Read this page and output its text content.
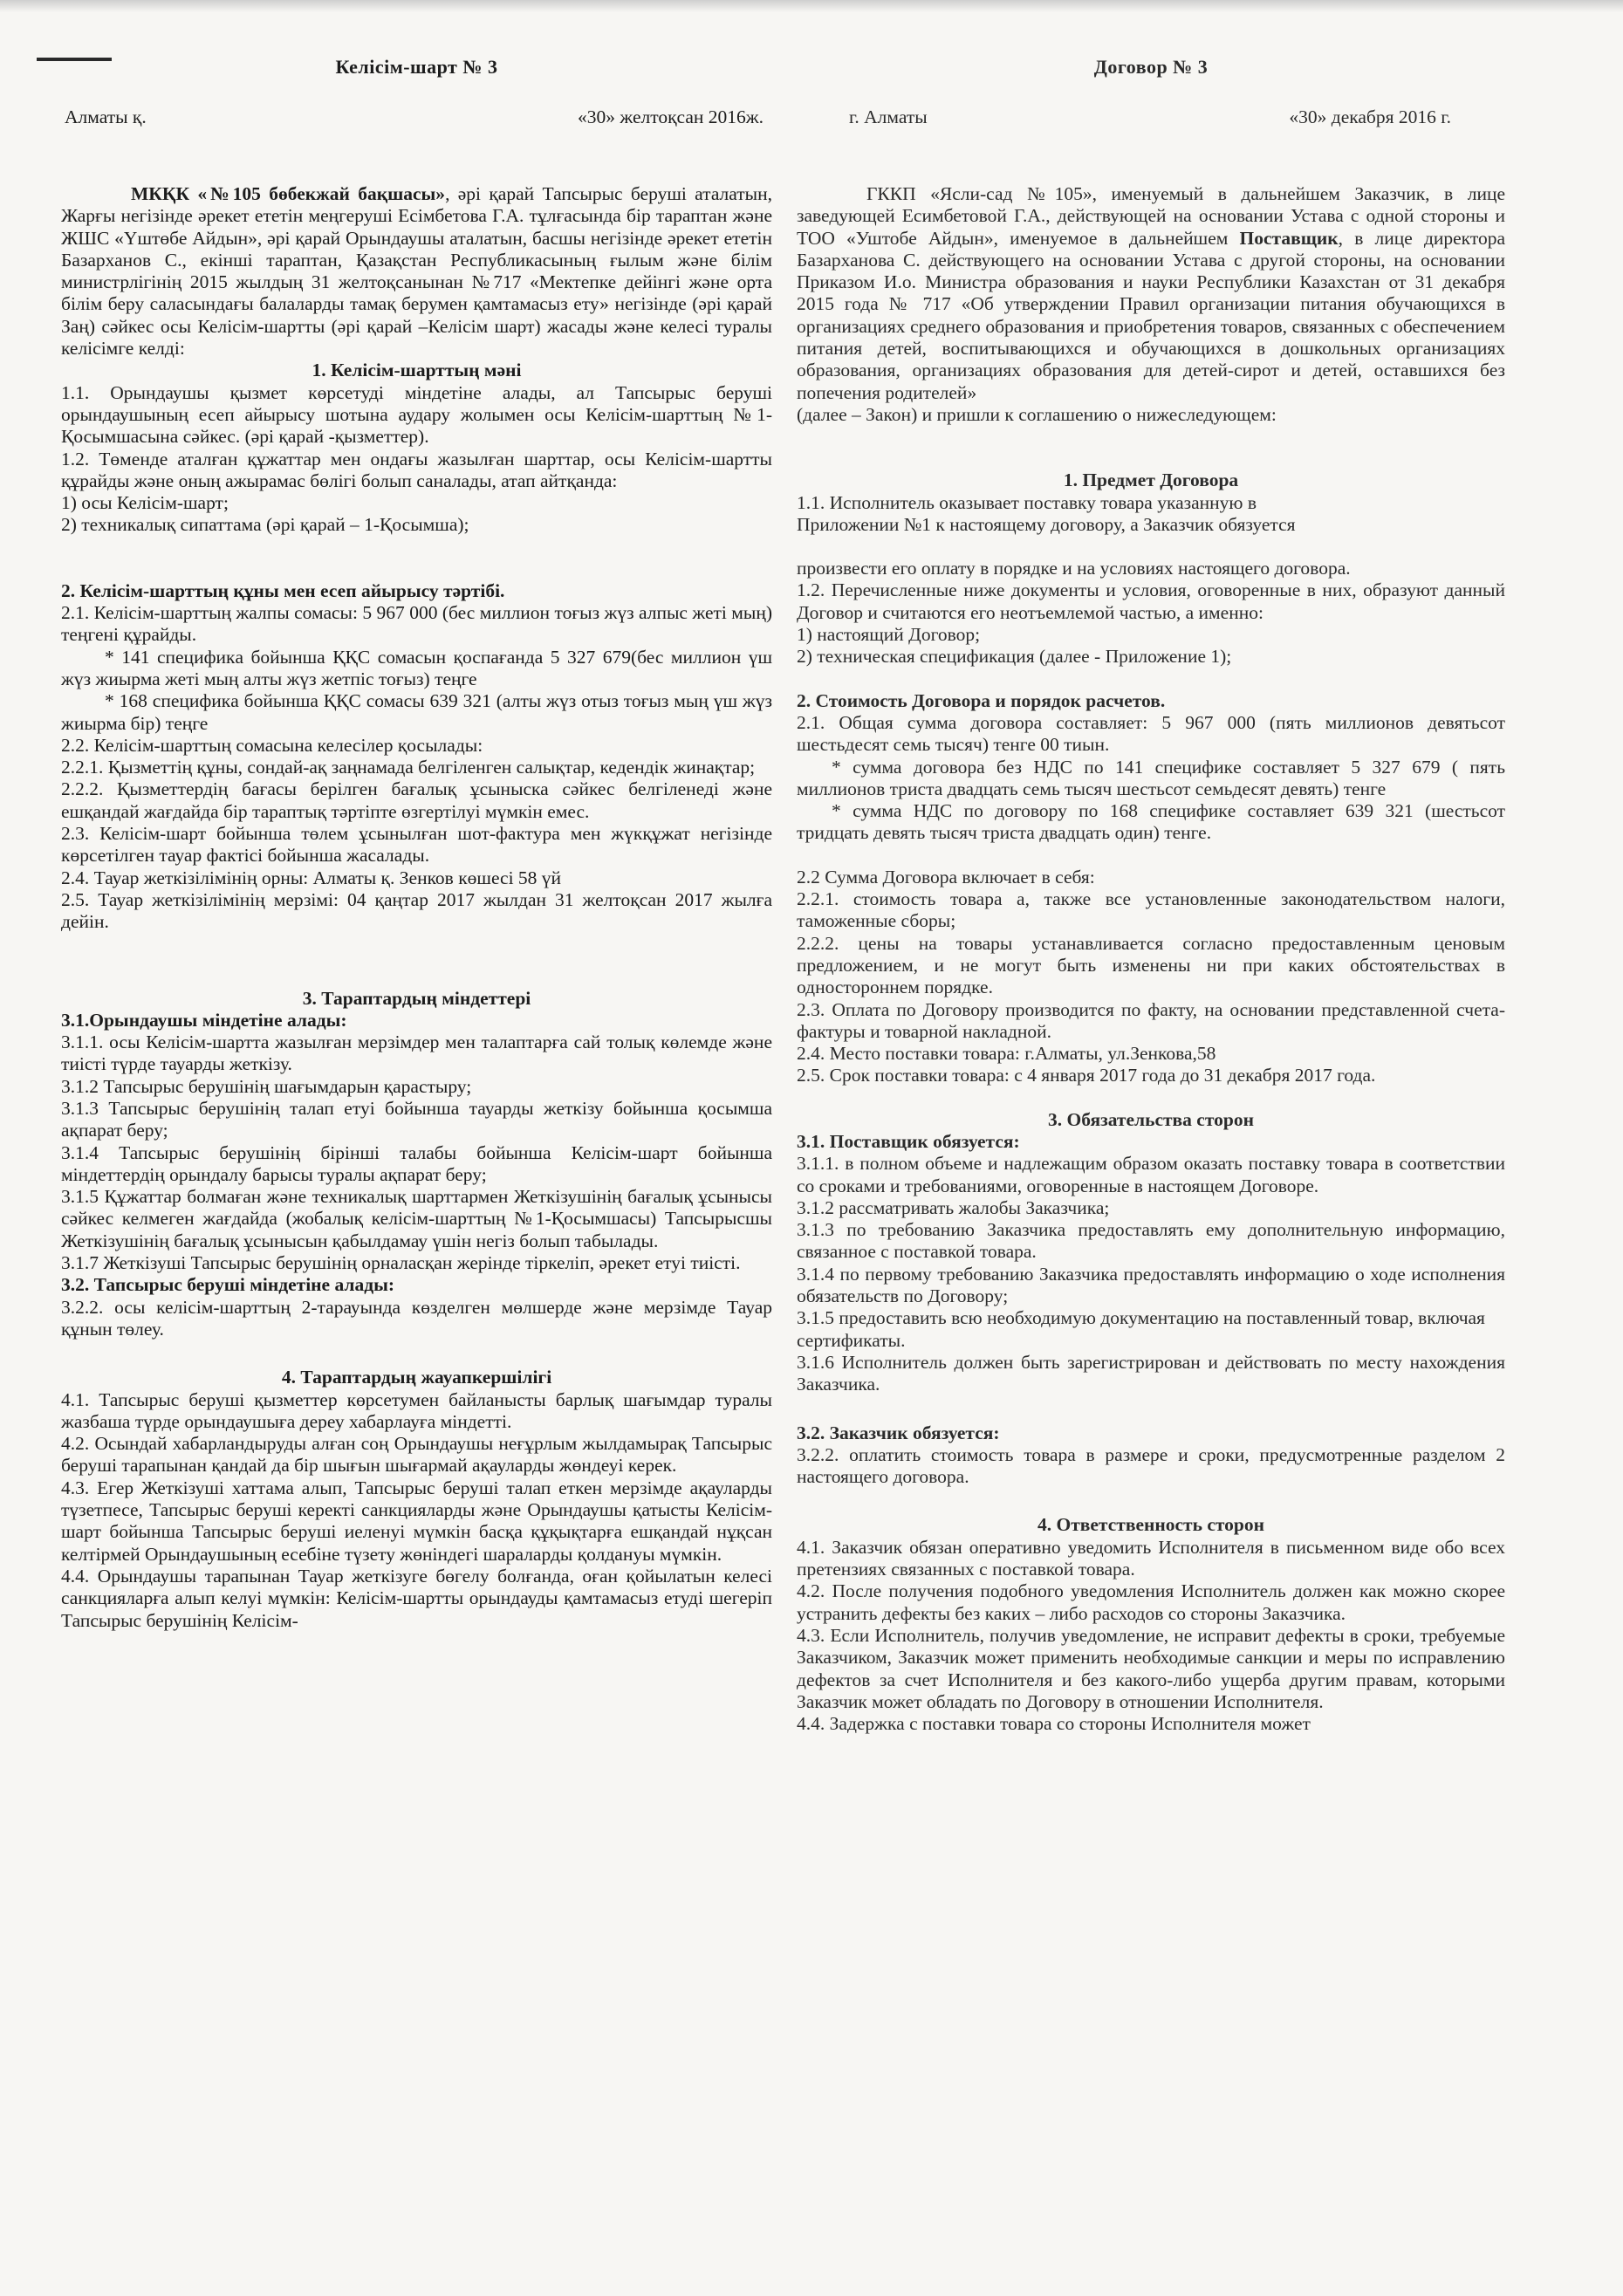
Келісім-шарт № 3
Алматы қ.	«30» желтоқсан 2016ж.

МКҚК «№105 бөбекжай бақшасы», әрі қарай Тапсырыс беруші аталатын, Жарғы негізінде әрекет ететін меңгеруші Есімбетова Г.А. тұлғасында бір тараптан және ЖШС «Үштөбе Айдын», әрі қарай Орындаушы аталатын, басшы негізінде әрекет ететін Базарханов С., екінші тараптан, Қазақстан Республикасының ғылым және білім министрлігінің 2015 жылдың 31 желтоқсанынан №717 «Мектепке дейінгі және орта білім беру саласындағы балаларды тамақ берумен қамтамасыз ету» негізінде (әрі қарай Заң) сәйкес осы Келісім-шартты (әрі қарай –Келісім шарт) жасады және келесі туралы келісімге келді:

1. Келісім-шарттың мәні

1.1. Орындаушы қызмет көрсетуді міндетіне алады, ал Тапсырыс беруші орындаушының есеп айырысу шотына аудару жолымен осы Келісім-шарттың №1-Қосымшасына сәйкес. (әрі қарай -қызметтер).

1.2. Төменде аталған құжаттар мен ондағы жазылған шарттар, осы Келісім-шартты құрайды және оның ажырамас бөлігі болып саналады, атап айтқанда:

1) осы Келісім-шарт;

2) техникалық сипаттама (әрі қарай – 1-Қосымша);

2. Келісім-шарттың құны мен есеп айырысу тәртібі.

2.1. Келісім-шарттың жалпы сомасы: 5 967 000 (бес миллион тоғыз жүз алпыс жеті мың) теңгені құрайды.

* 141 спецификa бойынша ҚҚС сомасын қоспағанда 5 327 679(бес миллион үш жүз жиырма жеті мың алты жүз жетпіс тоғыз) теңге

* 168 спецификa бойынша ҚҚС сомасы 639 321 (алты жүз отыз тоғыз мың үш жүз жиырма бір) теңге

2.2. Келісім-шарттың сомасына келесілер қосылады:

2.2.1. Қызметтің құны, сондай-ақ заңнамада белгіленген салықтар, кедендік жинақтар;

2.2.2. Қызметтердің бағасы берілген бағалық ұсыныска сәйкес белгіленеді және ешқандай жағдайда бір тараптық тәртіпте өзгертілуі мүмкін емес.

2.3. Келісім-шарт бойынша төлем ұсынылған шот-фактура мен жүкқұжат негізінде көрсетілген тауар фактісі бойынша жасалады.

2.4. Тауар жеткізілімінің орны: Алматы қ. Зенков көшесі 58 үй

2.5. Тауар жеткізілімінің мерзімі: 04 қаңтар 2017 жылдан 31 желтоқсан 2017 жылға дейін.

3. Тараптардың міндеттері

3.1.Орындаушы міндетіне алады:

3.1.1. осы Келісім-шартта жазылған мерзімдер мен талаптарға сай толық көлемде және тиісті түрде тауарды жеткізу.

3.1.2 Тапсырыс берушінің шағымдарын қарастыру;

3.1.3 Тапсырыс берушінің талап етуі бойынша тауарды жеткізу бойынша қосымша ақпарат беру;

3.1.4 Тапсырыс берушінің бірінші талабы бойынша Келісім-шарт бойынша міндеттердің орындалу барысы туралы ақпарат беру;

3.1.5 Құжаттар болмаған және техникалық шарттармен Жеткізушінің бағалық ұсынысы сәйкес келмеген жағдайда (жобалық келісім-шарттың №1-Қосымшасы) Тапсырысшы Жеткізушінің бағалық ұсынысын қабылдамау үшін негіз болып табылады.

3.1.7 Жеткізуші Тапсырыс берушінің орналасқан жерінде тіркеліп, әрекет етуі тиісті.

3.2. Тапсырыс беруші міндетіне алады:

3.2.2. осы келісім-шарттың 2-тарауында көзделген мөлшерде және мерзімде Тауар құнын төлеу.

4. Тараптардың жауапкершілігі

4.1. Тапсырыс беруші қызметтер көрсетумен байланысты барлық шағымдар туралы жазбаша түрде орындаушыға дереу хабарлауға міндетті.

4.2. Осындай хабарландыруды алған соң Орындаушы неғұрлым жылдамырақ Тапсырыс беруші тарапынан қандай да бір шығын шығармай ақауларды жөндеуі керек.

4.3. Егер Жеткізуші хаттама алып, Тапсырыс беруші талап еткен мерзімде ақауларды түзетпесе, Тапсырыс беруші керекті санкцияларды және Орындаушы қатысты Келісім-шарт бойынша Тапсырыс беруші иеленуі мүмкін басқа құқықтарға ешқандай нұқсан келтірмей Орындаушының есебіне түзету жөніндегі шараларды қолдануы мүмкін.

4.4. Орындаушы тарапынан Тауар жеткізуге бөгелу болғанда, оған қойылатын келесі санкцияларға алып келуі мүмкін: Келісім-шартты орындауды қамтамасыз етуді шегеріп Тапсырыс берушінің Келісім-

Договор № 3
г. Алматы	«30» декабря 2016 г.

ГККП «Ясли-сад №105», именуемый в дальнейшем Заказчик, в лице заведующей Есимбетовой Г.А., действующей на основании Устава с одной стороны и ТОО «Уштобе Айдын», именуемое в дальнейшем Поставщик, в лице директора Базарханова С. действующего на основании Устава с другой стороны, на основании Приказом И.о. Министра образования и науки Республики Казахстан от 31 декабря 2015 года № 717 «Об утверждении Правил организации питания обучающихся в организациях среднего образования и приобретения товаров, связанных с обеспечением питания детей, воспитывающихся и обучающихся в дошкольных организациях образования, организациях образования для детей-сирот и детей, оставшихся без попечения родителей»

(далее – Закон) и пришли к соглашению о нижеследующем:

1. Предмет Договора

1.1. Исполнитель оказывает поставку товара указанную в

Приложении №1 к настоящему договору, а Заказчик обязуется

произвести его оплату в порядке и на условиях настоящего договора.

1.2. Перечисленные ниже документы и условия, оговоренные в них, образуют данный Договор и считаются его неотъемлемой частью, а именно:

1) настоящий Договор;

2) техническая спецификация (далее - Приложение 1);

2. Стоимость Договора и порядок расчетов.

2.1. Общая сумма договора составляет: 5 967 000 (пять миллионов девятьсот шестьдесят семь тысяч) тенге 00 тиын.

* сумма договора без НДС по 141 спецификe составляет 5 327 679 ( пять миллионов триста двадцать семь тысяч шестьсот семьдесят девять) тенге

* сумма НДС по договору по 168 спецификe составляет 639 321 (шестьсот тридцать девять тысяч триста двадцать один) тенге.

2.2 Сумма Договора включает в себя:

2.2.1. стоимость товара а, также все установленные законодательством налоги, таможенные сборы;

2.2.2. цены на товары устанавливается согласно предоставленным ценовым предложением, и не могут быть изменены ни при каких обстоятельствах в одностороннем порядке.

2.3. Оплата по Договору производится по факту, на основании представленной счета-фактуры и товарной накладной.

2.4. Место поставки товара: г.Алматы, ул.Зенкова,58

2.5. Срок поставки товара: с 4 января 2017 года до 31 декабря 2017 года.

3. Обязательства сторон

3.1. Поставщик обязуется:

3.1.1. в полном объеме и надлежащим образом оказать поставку товара в соответствии со сроками и требованиями, оговоренные в настоящем Договоре.

3.1.2 рассматривать жалобы Заказчика;

3.1.3 по требованию Заказчика предоставлять ему дополнительную информацию, связанное с поставкой товара.

3.1.4 по первому требованию Заказчика предоставлять информацию о ходе исполнения обязательств по Договору;

3.1.5 предоставить всю необходимую документацию на поставленный товар, включая сертификаты.

3.1.6 Исполнитель должен быть зарегистрирован и действовать по месту нахождения Заказчика.

3.2. Заказчик обязуется:

3.2.2. оплатить стоимость товара в размере и сроки, предусмотренные разделом 2 настоящего договора.

4. Ответственность сторон

4.1. Заказчик обязан оперативно уведомить Исполнителя в письменном виде обо всех претензиях связанных с поставкой товара.

4.2. После получения подобного уведомления Исполнитель должен как можно скорее устранить дефекты без каких – либо расходов со стороны Заказчика.

4.3. Если Исполнитель, получив уведомление, не исправит дефекты в сроки, требуемые Заказчиком, Заказчик может применить необходимые санкции и меры по исправлению дефектов за счет Исполнителя и без какого-либо ущерба другим правам, которыми Заказчик может обладать по Договору в отношении Исполнителя.

4.4. Задержка с поставки товара со стороны Исполнителя может
